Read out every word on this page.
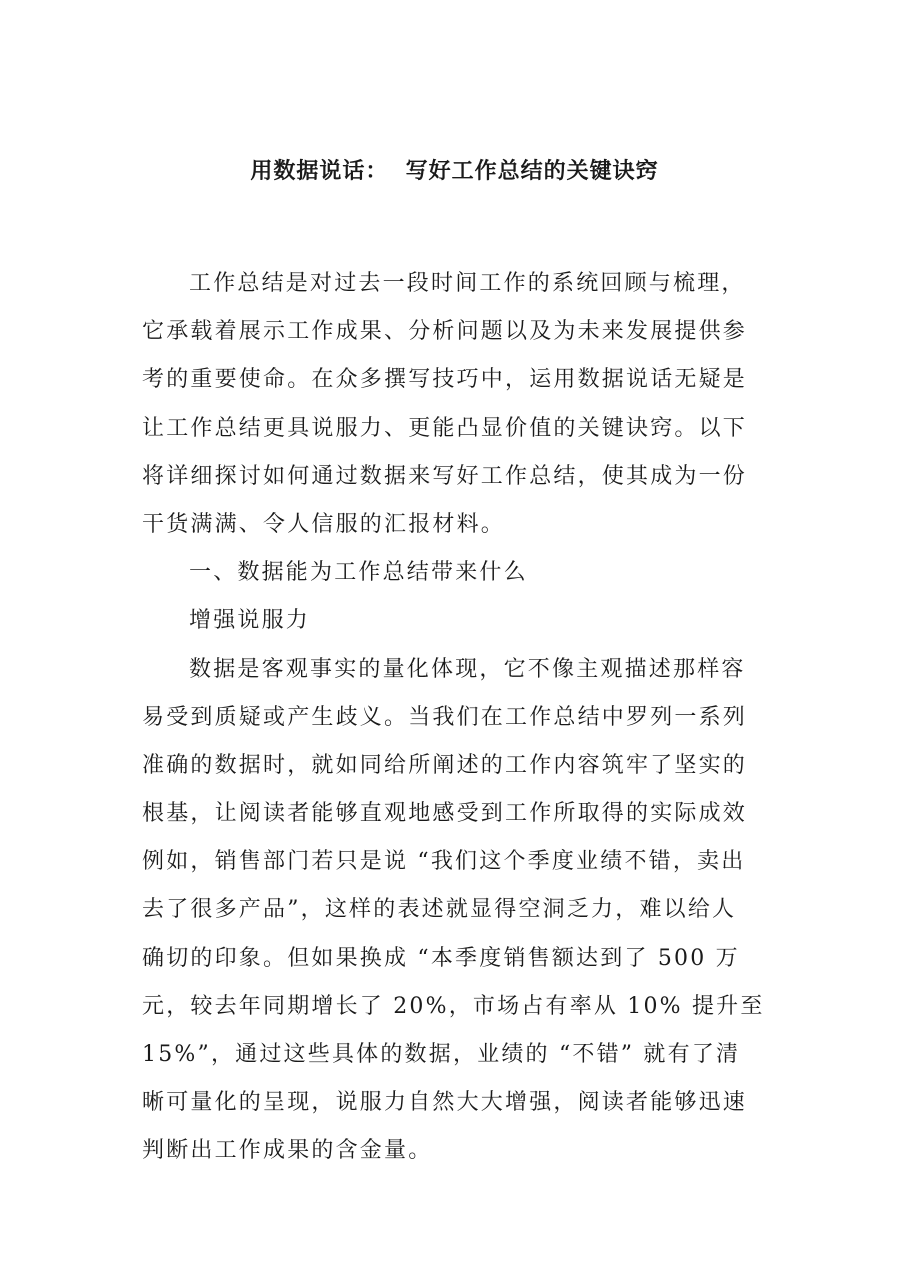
用数据说话：  写好工作总结的关键诀窍
工作总结是对过去一段时间工作的系统回顾与梳理，
它承载着展示工作成果、分析问题以及为未来发展提供参
考的重要使命。在众多撰写技巧中，运用数据说话无疑是
让工作总结更具说服力、更能凸显价值的关键诀窍。以下
将详细探讨如何通过数据来写好工作总结，使其成为一份
干货满满、令人信服的汇报材料。
一、数据能为工作总结带来什么
增强说服力
数据是客观事实的量化体现，它不像主观描述那样容
易受到质疑或产生歧义。当我们在工作总结中罗列一系列
准确的数据时，就如同给所阐述的工作内容筑牢了坚实的
根基，让阅读者能够直观地感受到工作所取得的实际成效
例如，销售部门若只是说 “我们这个季度业绩不错，卖出
去了很多产品”，这样的表述就显得空洞乏力，难以给人
确切的印象。但如果换成 “本季度销售额达到了 500 万
元，较去年同期增长了 20%，市场占有率从 10% 提升至
15%”，通过这些具体的数据，业绩的 “不错” 就有了清
晰可量化的呈现，说服力自然大大增强，阅读者能够迅速
判断出工作成果的含金量。
